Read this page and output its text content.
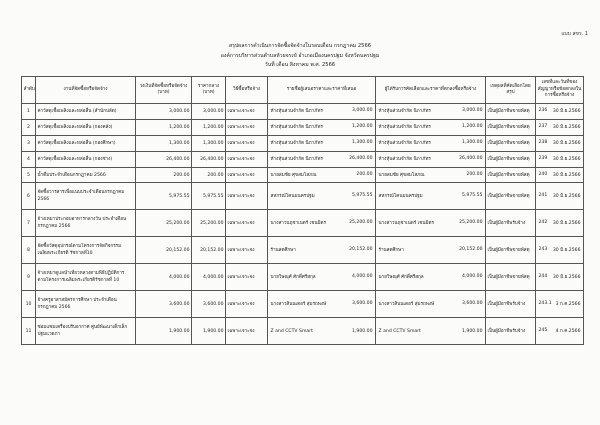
แบบ สขร. 1
สรุปผลการดำเนินการจัดซื้อจัดจ้างในรอบเดือน กรกฎาคม 2566
องค์การบริหารส่วนตำบลห้วยจรเข้ อำเภอเมืองนครปฐม จังหวัดนครปฐม
วันที่ เดือน สิงหาคม พ.ศ. 2566
ลำดับ	งานที่จัดซื้อหรือจัดจ้าง	วงเงินที่จัดซื้อหรือจัดจ้าง (บาท)	ราคากลาง (บาท)	วิธีซื้อหรือจ้าง	รายชื่อผู้เสนอราคาและราคาที่เสนอ	ผู้ได้รับการคัดเลือกและราคาที่ตกลงซื้อหรือจ้าง	เหตุผลที่คัดเลือกโดยสรุป	เลขที่และวันที่ของสัญญาหรือข้อตกลงในการซื้อหรือจ้าง
1	ค่าวัสดุเชื้อเพลิงและหล่อลื่น (สำนักปลัด)	3,000.00	3,000.00	เฉพาะเจาะจง	ห้างหุ้นส่วนจำกัด นิภาภัทร 3,000.00	ห้างหุ้นส่วนจำกัด นิภาภัทร 3,000.00	เป็นผู้มีอาชีพขายพัสดุ	236 30 มิ.ย.2566

2	ค่าวัสดุเชื้อเพลิงและหล่อลื่น (กองคลัง)	1,200.00	1,200.00	เฉพาะเจาะจง	ห้างหุ้นส่วนจำกัด นิภาภัทร 1,200.00	ห้างหุ้นส่วนจำกัด นิภาภัทร 1,200.00	เป็นผู้มีอาชีพขายพัสดุ	237 30 มิ.ย.2566

3	ค่าวัสดุเชื้อเพลิงและหล่อลื่น (กองศึกษา)	1,300.00	1,300.00	เฉพาะเจาะจง	ห้างหุ้นส่วนจำกัด นิภาภัทร 1,300.00	ห้างหุ้นส่วนจำกัด นิภาภัทร 1,300.00	เป็นผู้มีอาชีพขายพัสดุ	238 30 มิ.ย.2566

4	ค่าวัสดุเชื้อเพลิงและหล่อลื่น (กองช่าง)	26,400.00	26,400.00	เฉพาะเจาะจง	ห้างหุ้นส่วนจำกัด นิภาภัทร 26,400.00	ห้างหุ้นส่วนจำกัด นิภาภัทร 26,400.00	เป็นผู้มีอาชีพขายพัสดุ	239 30 มิ.ย.2566

5	น้ำดื่มประจำเดือนกรกฎาคม 2566	200.00	200.00	เฉพาะเจาะจง	นายสมชัย ศุขสมโสภณ 200.00	นายสมชัย ศุขสมโสภณ 200.00	เป็นผู้มีอาชีพขายพัสดุ	240 30 มิ.ย.2566

6	จัดซื้อวารสารเพื่อแนบประจำเดือนกรกฎาคม 2566	5,975.55	5,975.55	เฉพาะเจาะจง	สหกรณ์โคนมนครปฐม 5,975.55	สหกรณ์โคนมนครปฐม 5,975.55	เป็นผู้มีอาชีพขายพัสดุ	241 30 มิ.ย.2566

7	จ้างเหมาประกอบอาหารกลางวัน ประจำเดือนกรกฎาคม 2566	25,200.00	25,200.00	เฉพาะเจาะจง	นางสาวนฤชาเนตร์ เชนมิตร 25,200.00	นางสาวนฤชาเนตร์ เชนมิตร 25,200.00	เป็นผู้มีอาชีพรับจ้าง	242 30 มิ.ย.2566

8	จัดซื้อวัสดุอุปกรณ์ตามโครงการจัดกิจกรรมเฉลิมพระเกียรติ รัชกาลที่10	20,152.00	20,152.00	เฉพาะเจาะจง	ร้านสตศึกษา 20,152.00	ร้านสตศึกษา 20,152.00	เป็นผู้มีอาชีพขายพัสดุ	243 30 มิ.ย.2566

9	จ้างเหมาดูแลนำเที่ยวหลวงตามพิธีปฏิบัติการ ตามโครงการเฉลิมพระเกียรติรัชกาลที่ 10	4,000.00	4,000.00	เฉพาะเจาะจง	นายวิษณุศ์ ศักดิ์ศรีสกุล 4,000.00	นายวิษณุศ์ ศักดิ์ศรีสกุล 4,000.00	เป็นผู้มีอาชีพขายพัสดุ	244 30 มิ.ย.2566

10	จ้างครูอาสาสมัครการศึกษา ประจำเดือนกรกฎาคม 2566	3,600.00	3,600.00	เฉพาะเจาะจง	นางสาวสินนเดอร์ สุ่มรถพงษ์ 3,600.00	นางสาวสินนเดอร์ สุ่มรถพงษ์ 3,600.00	เป็นผู้มีอาชีพรับจ้าง	243.1 3 ก.ค.2566

11	ซ่อมแซมเครื่องปรับอากาศ ศูนย์พัฒนาเด็กเล็กปฐมแวดภา	1,900.00	1,900.00	เฉพาะเจาะจง	Z and CCTV Smart 1,900.00	Z and CCTV Smart 1,900.00	เป็นผู้มีอาชีพรับจ้าง	245 4 ก.ค.2566
